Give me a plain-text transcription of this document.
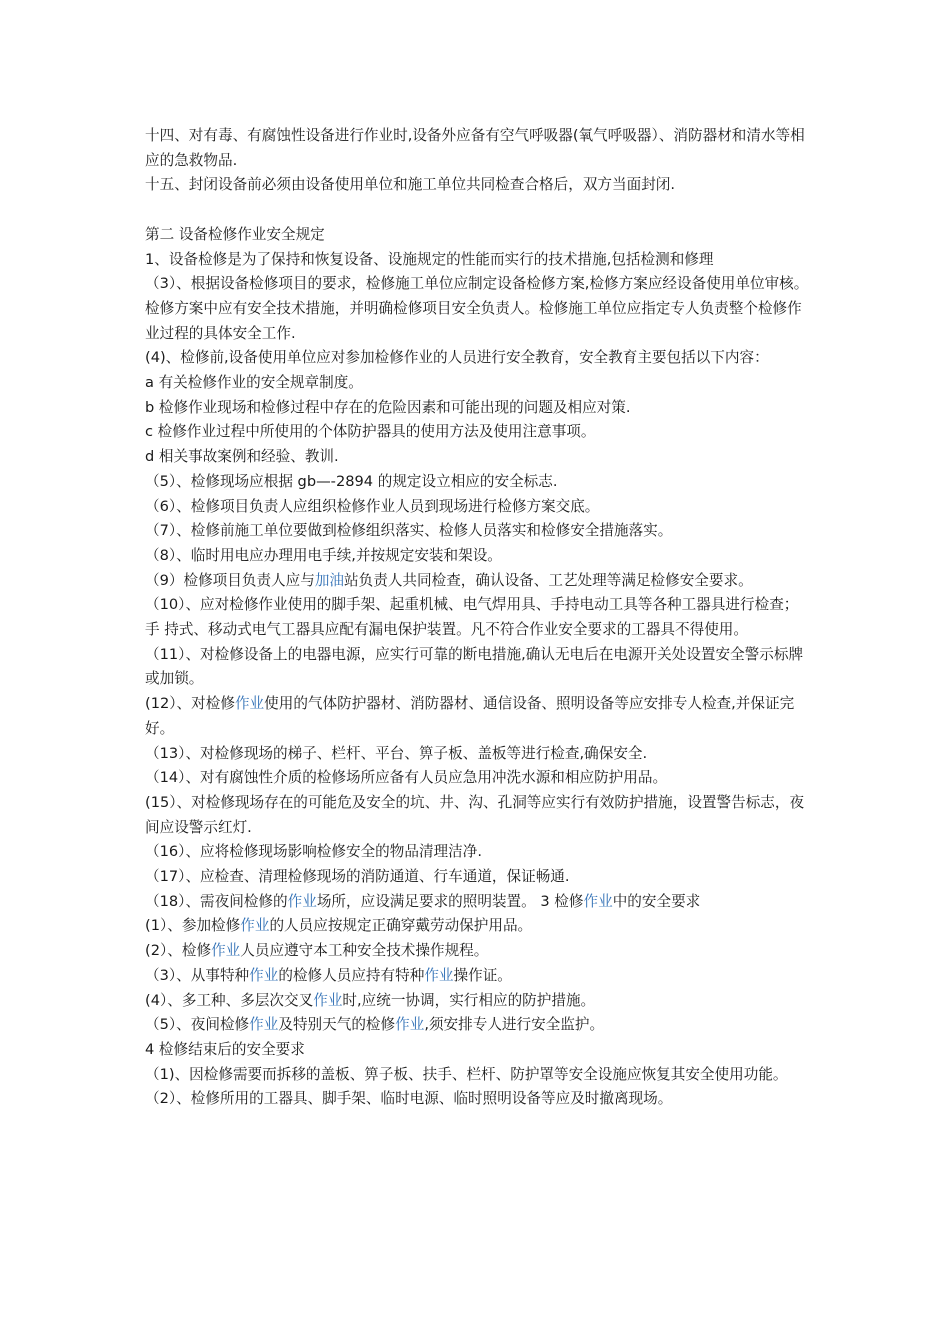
十四、对有毒、有腐蚀性设备进行作业时,设备外应备有空气呼吸器(氧气呼吸器）、消防器材和清水等相应的急救物品.
十五、封闭设备前必须由设备使用单位和施工单位共同检查合格后，双方当面封闭.
第二 设备检修作业安全规定
1、设备检修是为了保持和恢复设备、设施规定的性能而实行的技术措施,包括检测和修理
（3）、根据设备检修项目的要求，检修施工单位应制定设备检修方案,检修方案应经设备使用单位审核。 检修方案中应有安全技术措施，并明确检修项目安全负责人。检修施工单位应指定专人负责整个检修作业过程的具体安全工作.
(4)、检修前,设备使用单位应对参加检修作业的人员进行安全教育，安全教育主要包括以下内容：
a 有关检修作业的安全规章制度。
b 检修作业现场和检修过程中存在的危险因素和可能出现的问题及相应对策.
c 检修作业过程中所使用的个体防护器具的使用方法及使用注意事项。
d 相关事故案例和经验、教训.
（5）、检修现场应根据 gb—-2894 的规定设立相应的安全标志.
（6）、检修项目负责人应组织检修作业人员到现场进行检修方案交底。
（7）、检修前施工单位要做到检修组织落实、检修人员落实和检修安全措施落实。
（8）、临时用电应办理用电手续,并按规定安装和架设。
（9）检修项目负责人应与加油站负责人共同检查，确认设备、工艺处理等满足检修安全要求。
（10）、应对检修作业使用的脚手架、起重机械、电气焊用具、手持电动工具等各种工器具进行检查；手 持式、移动式电气工器具应配有漏电保护装置。凡不符合作业安全要求的工器具不得使用。
（11）、对检修设备上的电器电源，应实行可靠的断电措施,确认无电后在电源开关处设置安全警示标牌或加锁。
(12）、对检修作业使用的气体防护器材、消防器材、通信设备、照明设备等应安排专人检查,并保证完好。
（13）、对检修现场的梯子、栏杆、平台、箅子板、盖板等进行检查,确保安全.
（14）、对有腐蚀性介质的检修场所应备有人员应急用冲洗水源和相应防护用品。
(15）、对检修现场存在的可能危及安全的坑、井、沟、孔洞等应实行有效防护措施，设置警告标志，夜 间应设警示红灯.
（16）、应将检修现场影响检修安全的物品清理洁净.
（17）、应检查、清理检修现场的消防通道、行车通道，保证畅通.
（18）、需夜间检修的作业场所，应设满足要求的照明装置。 3 检修作业中的安全要求
(1）、参加检修作业的人员应按规定正确穿戴劳动保护用品。
(2）、检修作业人员应遵守本工种安全技术操作规程。
（3）、从事特种作业的检修人员应持有特种作业操作证。
(4）、多工种、多层次交叉作业时,应统一协调，实行相应的防护措施。
（5）、夜间检修作业及特别天气的检修作业,须安排专人进行安全监护。
4 检修结束后的安全要求
（1)、因检修需要而拆移的盖板、箅子板、扶手、栏杆、防护罩等安全设施应恢复其安全使用功能。
（2）、检修所用的工器具、脚手架、临时电源、临时照明设备等应及时撤离现场。
